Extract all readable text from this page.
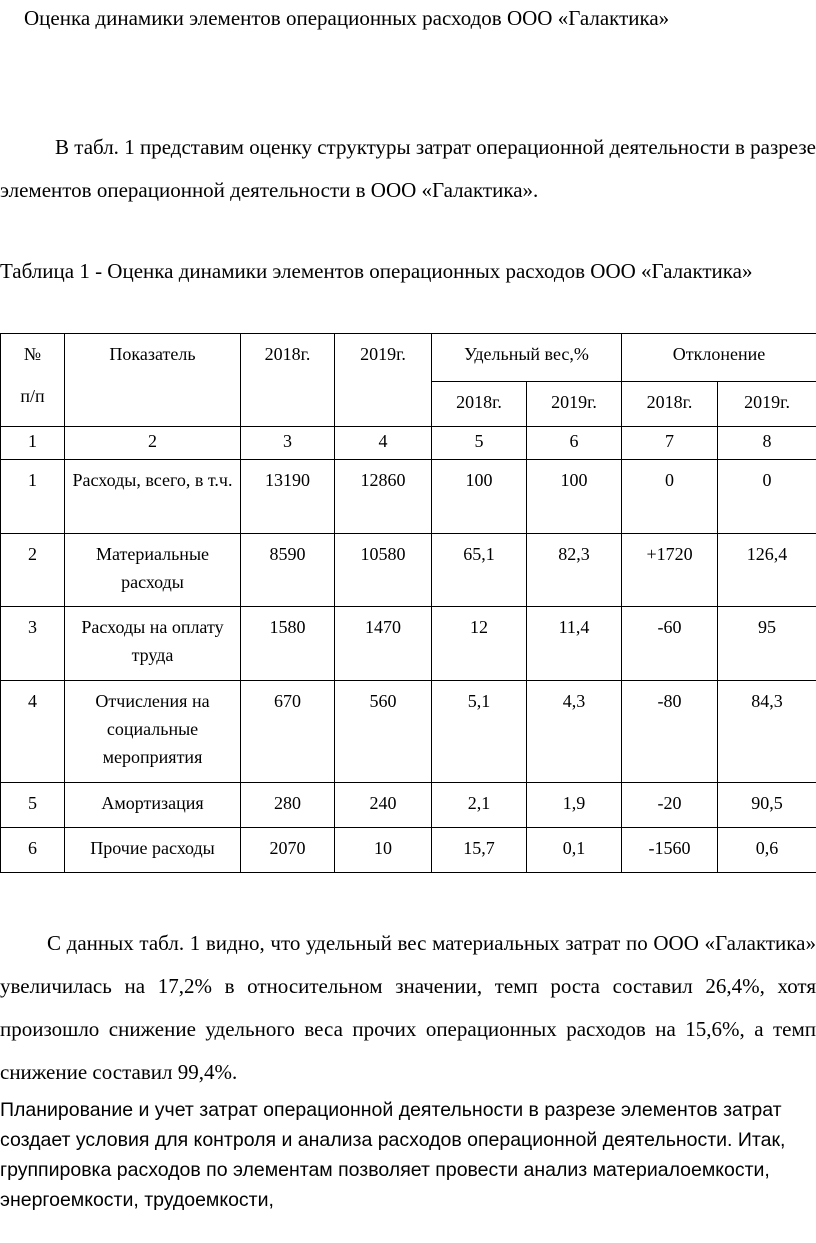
Оценка динамики элементов операционных расходов ООО «Галактика»

В табл. 1 представим оценку структуры затрат операционной деятельности в разрезе элементов операционной деятельности в ООО «Галактика».

Таблица 1 - Оценка динамики элементов операционных расходов ООО «Галактика»

№
п/п	Показатель	2018г.	2019г.	Удельный вес,%		Отклонение	
				2018г.	2019г.	2018г.	2019г.
1	2	3	4	5	6	7	8
1	Расходы, всего, в т.ч.	13190	12860	100	100	0	0
2	Материальные расходы	8590	10580	65,1	82,3	+1720	126,4
3	Расходы на оплату труда	1580	1470	12	11,4	-60	95
4	Отчисления на социальные мероприятия	670	560	5,1	4,3	-80	84,3
5	Амортизация	280	240	2,1	1,9	-20	90,5
6	Прочие расходы	2070	10	15,7	0,1	-1560	0,6

С данных табл. 1 видно, что удельный вес материальных затрат по ООО «Галактика» увеличилась на 17,2% в относительном значении, темп роста составил 26,4%, хотя произошло снижение удельного веса прочих операционных расходов на 15,6%, а темп снижение составил 99,4%.

Планирование и учет затрат операционной деятельности в разрезе элементов затрат создает условия для контроля и анализа расходов операционной деятельности. Итак, группировка расходов по элементам позволяет провести анализ материалоемкости, энергоемкости, трудоемкости,
